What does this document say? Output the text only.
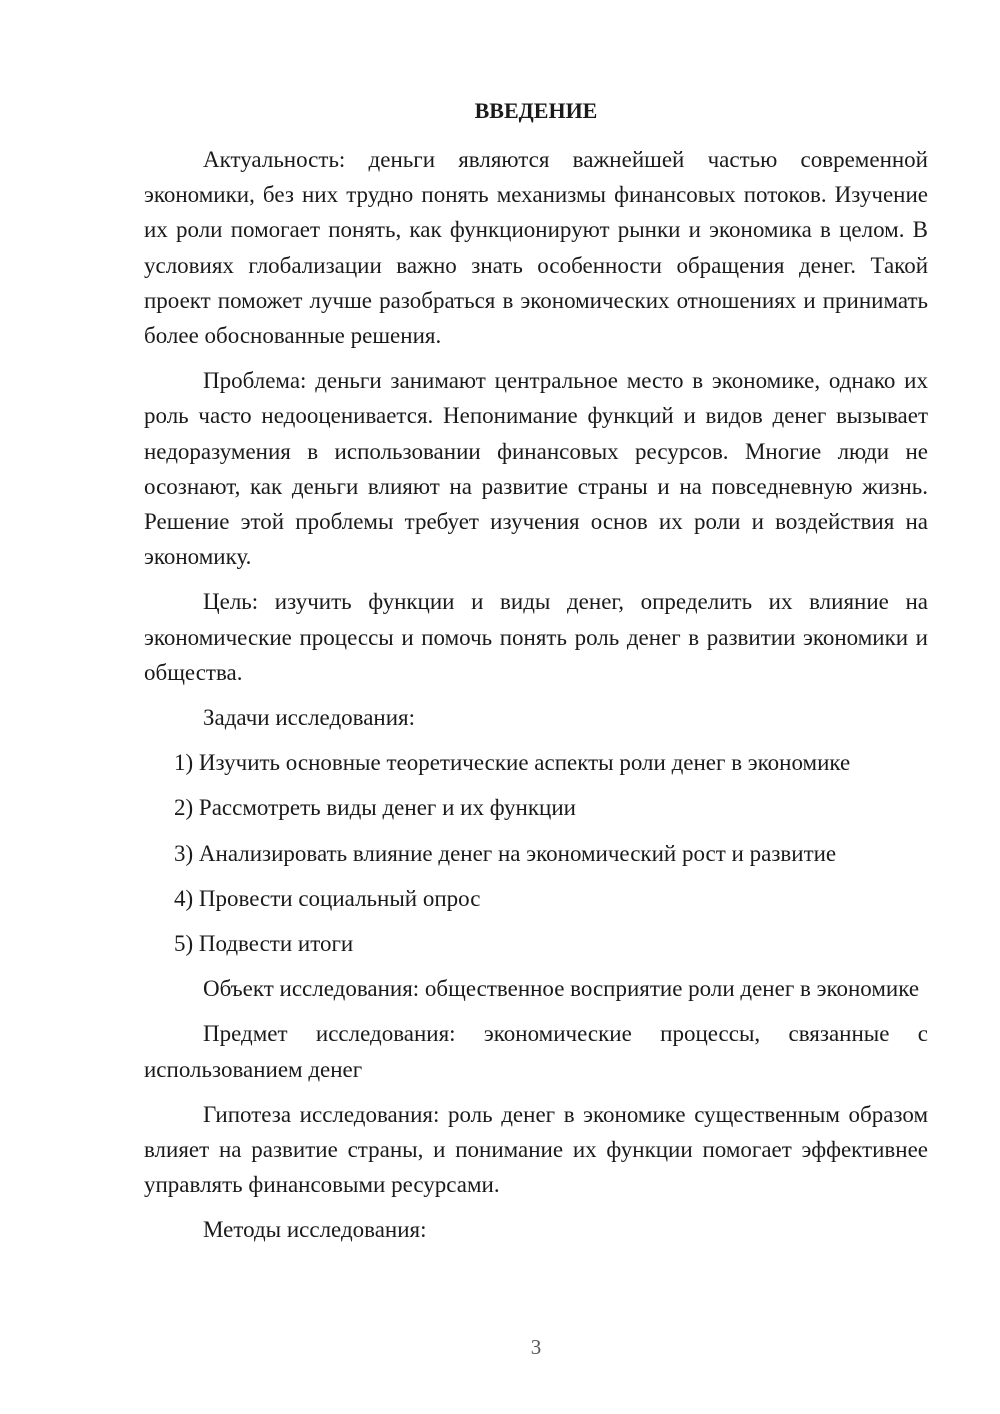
ВВЕДЕНИЕ

Актуальность: деньги являются важнейшей частью современной экономики, без них трудно понять механизмы финансовых потоков. Изучение их роли помогает понять, как функционируют рынки и экономика в целом. В условиях глобализации важно знать особенности обращения денег. Такой проект поможет лучше разобраться в экономических отношениях и принимать более обоснованные решения.

Проблема: деньги занимают центральное место в экономике, однако их роль часто недооценивается. Непонимание функций и видов денег вызывает недоразумения в использовании финансовых ресурсов. Многие люди не осознают, как деньги влияют на развитие страны и на повседневную жизнь. Решение этой проблемы требует изучения основ их роли и воздействия на экономику.

Цель: изучить функции и виды денег, определить их влияние на экономические процессы и помочь понять роль денег в развитии экономики и общества.

Задачи исследования:

1) Изучить основные теоретические аспекты роли денег в экономике
2) Рассмотреть виды денег и их функции
3) Анализировать влияние денег на экономический рост и развитие
4) Провести социальный опрос
5) Подвести итоги

Объект исследования: общественное восприятие роли денег в экономике

Предмет исследования: экономические процессы, связанные с использованием денег

Гипотеза исследования: роль денег в экономике существенным образом влияет на развитие страны, и понимание их функции помогает эффективнее управлять финансовыми ресурсами.

Методы исследования:

3
